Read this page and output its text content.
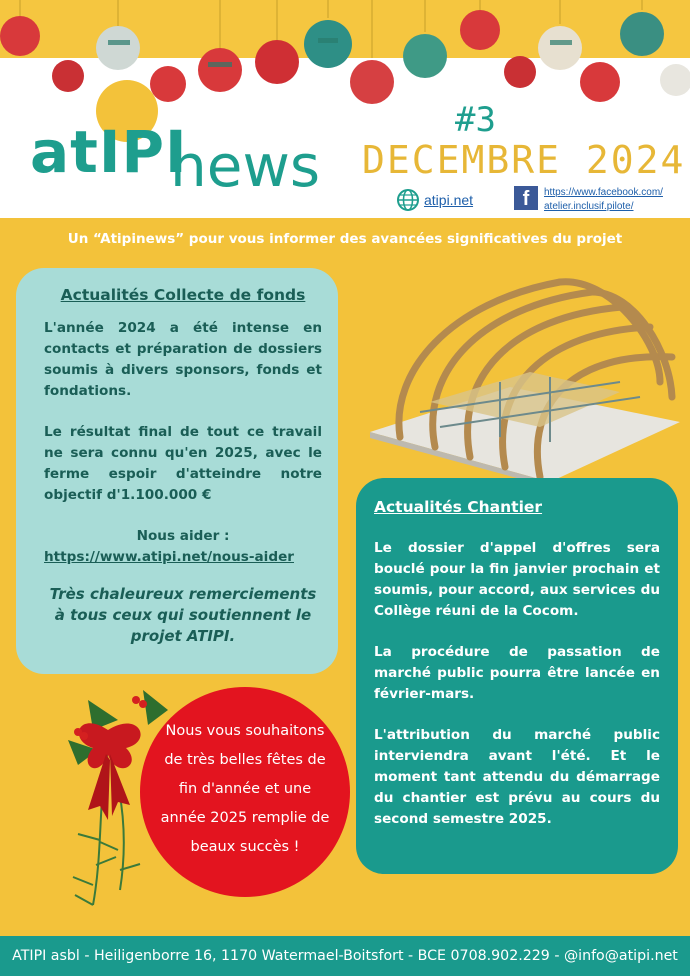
atIPI
news
#3
DECEMBRE 2024
atipi.net	f	https://www.facebook.com/
atelier.inclusif.pilote/
Un “Atipinews” pour vous informer des avancées significatives du projet
Actualités Collecte de fonds

L'année 2024 a été intense en contacts et préparation de dossiers soumis à divers sponsors, fonds et fondations.

Le résultat final de tout ce travail ne sera connu qu'en 2025, avec le ferme espoir d'atteindre notre objectif d'1.100.000 €

Nous aider :

https://www.atipi.net/nous-aider

Très chaleureux remerciements à tous ceux qui soutiennent le projet ATIPI.

Actualités Chantier

Le dossier d'appel d'offres sera bouclé pour la fin janvier prochain et soumis, pour accord, aux services du Collège réuni de la Cocom.

La procédure de passation de marché public pourra être lancée en février-mars.

L'attribution du marché public interviendra avant l'été. Et le moment tant attendu du démarrage du chantier est prévu au cours du second semestre 2025.

Nous vous souhaitons de très belles fêtes de fin d'année et une année 2025 remplie de beaux succès !

ATIPI asbl - Heiligenborre 16, 1170 Watermael-Boitsfort - BCE 0708.902.229 - @info@atipi.net
